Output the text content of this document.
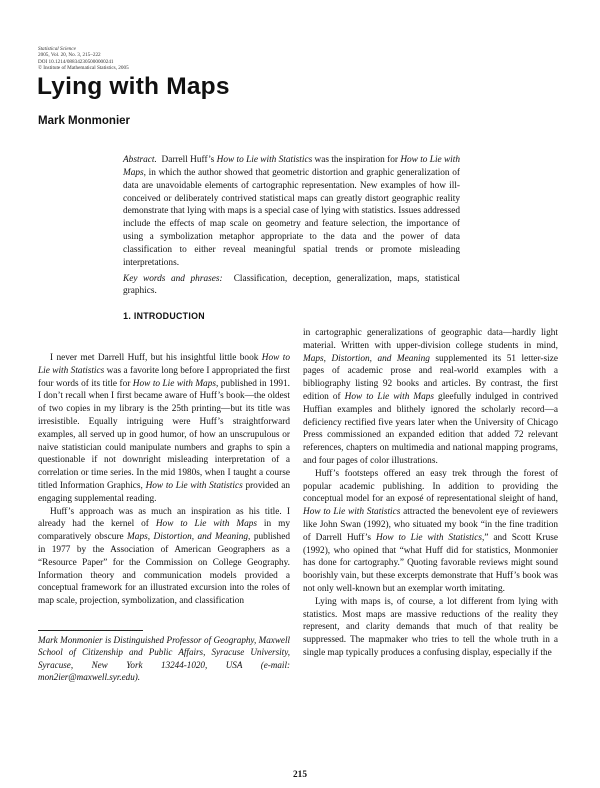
Statistical Science
2005, Vol. 20, No. 3, 215–222
DOI 10.1214/088342305000000241
© Institute of Mathematical Statistics, 2005
Lying with Maps
Mark Monmonier

Abstract. Darrell Huff’s How to Lie with Statistics was the inspiration for How to Lie with Maps, in which the author showed that geometric distortion and graphic generalization of data are unavoidable elements of cartographic representation. New examples of how ill-conceived or deliberately contrived statistical maps can greatly distort geographic reality demonstrate that lying with maps is a special case of lying with statistics. Issues addressed include the effects of map scale on geometry and feature selection, the importance of using a symbolization metaphor appropriate to the data and the power of data classification to either reveal meaningful spatial trends or promote misleading interpretations.

Key words and phrases: Classification, deception, generalization, maps, statistical graphics.

1. INTRODUCTION

I never met Darrell Huff, but his insightful little book How to Lie with Statistics was a favorite long before I appropriated the first four words of its title for How to Lie with Maps, published in 1991. I don’t recall when I first became aware of Huff’s book—the oldest of two copies in my library is the 25th printing—but its title was irresistible. Equally intriguing were Huff’s straightforward examples, all served up in good humor, of how an unscrupulous or naive statistician could manipulate numbers and graphs to spin a questionable if not downright misleading interpretation of a correlation or time series. In the mid 1980s, when I taught a course titled Information Graphics, How to Lie with Statistics provided an engaging supplemental reading.

Huff’s approach was as much an inspiration as his title. I already had the kernel of How to Lie with Maps in my comparatively obscure Maps, Distortion, and Meaning, published in 1977 by the Association of American Geographers as a “Resource Paper” for the Commission on College Geography. Information theory and communication models provided a conceptual framework for an illustrated excursion into the roles of map scale, projection, symbolization, and classification

Mark Monmonier is Distinguished Professor of Geography, Maxwell School of Citizenship and Public Affairs, Syracuse University, Syracuse, New York 13244-1020, USA (e-mail: mon2ier@maxwell.syr.edu).

in cartographic generalizations of geographic data—hardly light material. Written with upper-division college students in mind, Maps, Distortion, and Meaning supplemented its 51 letter-size pages of academic prose and real-world examples with a bibliography listing 92 books and articles. By contrast, the first edition of How to Lie with Maps gleefully indulged in contrived Huffian examples and blithely ignored the scholarly record—a deficiency rectified five years later when the University of Chicago Press commissioned an expanded edition that added 72 relevant references, chapters on multimedia and national mapping programs, and four pages of color illustrations.

Huff’s footsteps offered an easy trek through the forest of popular academic publishing. In addition to providing the conceptual model for an exposé of representational sleight of hand, How to Lie with Statistics attracted the benevolent eye of reviewers like John Swan (1992), who situated my book “in the fine tradition of Darrell Huff’s How to Lie with Statistics,” and Scott Kruse (1992), who opined that “what Huff did for statistics, Monmonier has done for cartography.” Quoting favorable reviews might sound boorishly vain, but these excerpts demonstrate that Huff’s book was not only well-known but an exemplar worth imitating.

Lying with maps is, of course, a lot different from lying with statistics. Most maps are massive reductions of the reality they represent, and clarity demands that much of that reality be suppressed. The mapmaker who tries to tell the whole truth in a single map typically produces a confusing display, especially if the

215
